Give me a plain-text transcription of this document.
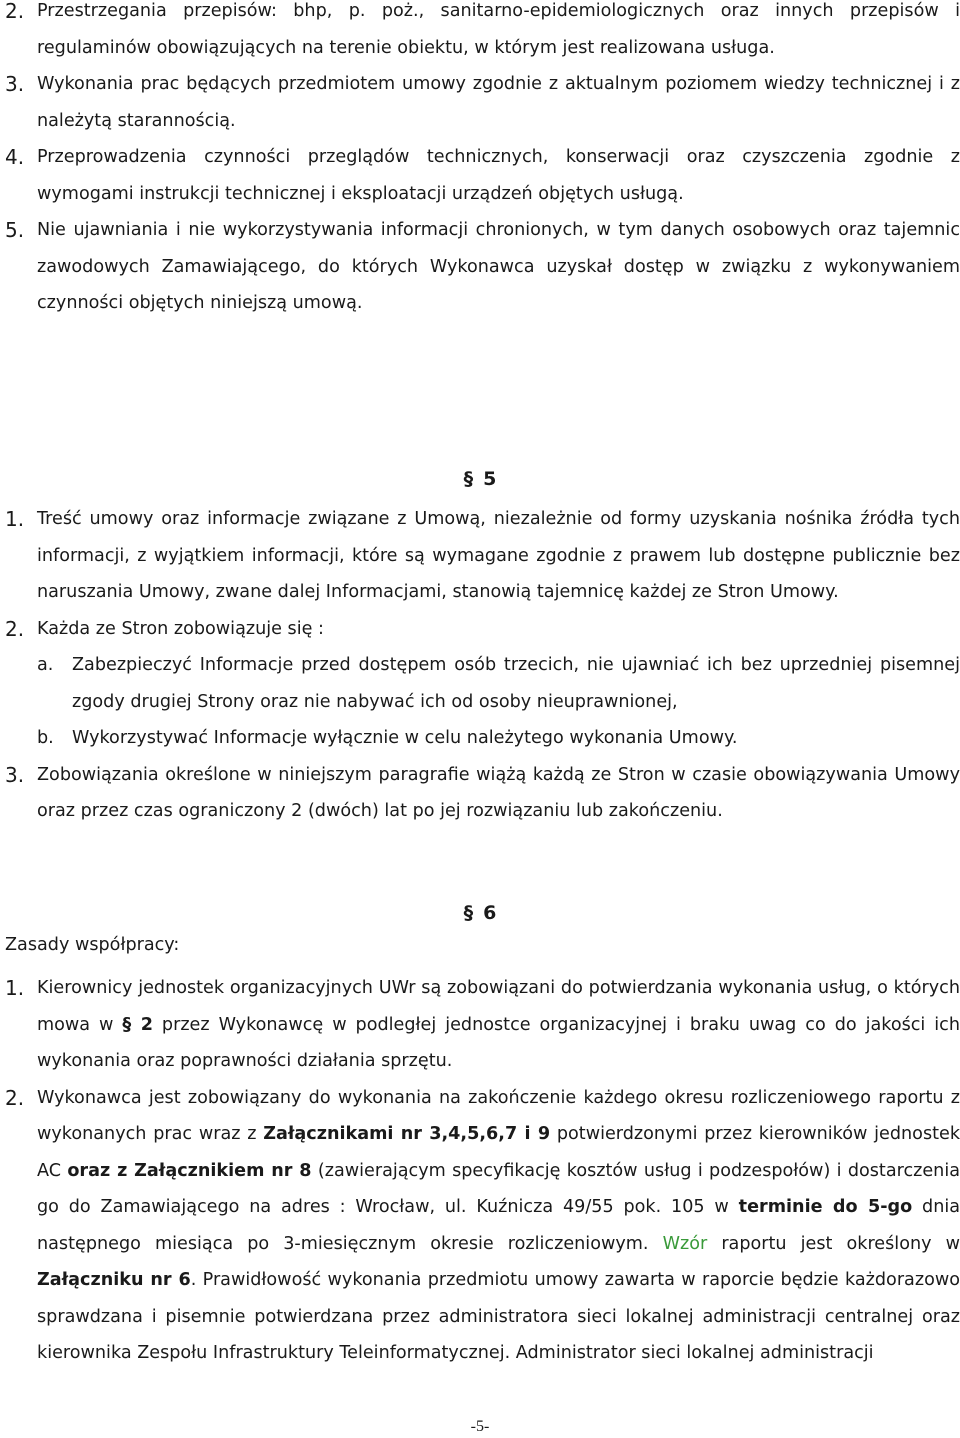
2. Przestrzegania przepisów: bhp, p. poż., sanitarno-epidemiologicznych oraz innych przepisów i regulaminów obowiązujących na terenie obiektu, w którym jest realizowana usługa.
3. Wykonania prac będących przedmiotem umowy zgodnie z aktualnym poziomem wiedzy technicznej i z należytą starannością.
4. Przeprowadzenia czynności przeglądów technicznych, konserwacji oraz czyszczenia zgodnie z wymogami instrukcji technicznej i eksploatacji urządzeń objętych usługą.
5. Nie ujawniania i nie wykorzystywania informacji chronionych, w tym danych osobowych oraz tajemnic zawodowych Zamawiającego, do których Wykonawca uzyskał dostęp w związku z wykonywaniem czynności objętych niniejszą umową.
§ 5
1. Treść umowy oraz informacje związane z Umową, niezależnie od formy uzyskania nośnika źródła tych informacji, z wyjątkiem informacji, które są wymagane zgodnie z prawem lub dostępne publicznie bez naruszania Umowy, zwane dalej Informacjami, stanowią tajemnicę każdej ze Stron Umowy.
2. Każda ze Stron zobowiązuje się :
a. Zabezpieczyć Informacje przed dostępem osób trzecich, nie ujawniać ich bez uprzedniej pisemnej zgody drugiej Strony oraz nie nabywać ich od osoby nieuprawnionej,
b. Wykorzystywać Informacje wyłącznie w celu należytego wykonania Umowy.
3. Zobowiązania określone w niniejszym paragrafie wiążą każdą ze Stron w czasie obowiązywania Umowy oraz przez czas ograniczony 2 (dwóch) lat po jej rozwiązaniu lub zakończeniu.
§ 6
Zasady współpracy:
1. Kierownicy jednostek organizacyjnych UWr są zobowiązani do potwierdzania wykonania usług, o których mowa w § 2 przez Wykonawcę w podległej jednostce organizacyjnej i braku uwag co do jakości ich wykonania oraz poprawności działania sprzętu.
2. Wykonawca jest zobowiązany do wykonania na zakończenie każdego okresu rozliczeniowego raportu z wykonanych prac wraz z Załącznikami nr 3,4,5,6,7 i 9 potwierdzonymi przez kierowników jednostek AC oraz z Załącznikiem nr 8 (zawierającym specyfikację kosztów usług i podzespołów) i dostarczenia go do Zamawiającego na adres : Wrocław, ul. Kuźnicza 49/55 pok. 105 w terminie do 5-go dnia następnego miesiąca po 3-miesięcznym okresie rozliczeniowym. Wzór raportu jest określony w Załączniku nr 6. Prawidłowość wykonania przedmiotu umowy zawarta w raporcie będzie każdorazowo sprawdzana i pisemnie potwierdzana przez administratora sieci lokalnej administracji centralnej oraz kierownika Zespołu Infrastruktury Teleinformatycznej. Administrator sieci lokalnej administracji
-5-
